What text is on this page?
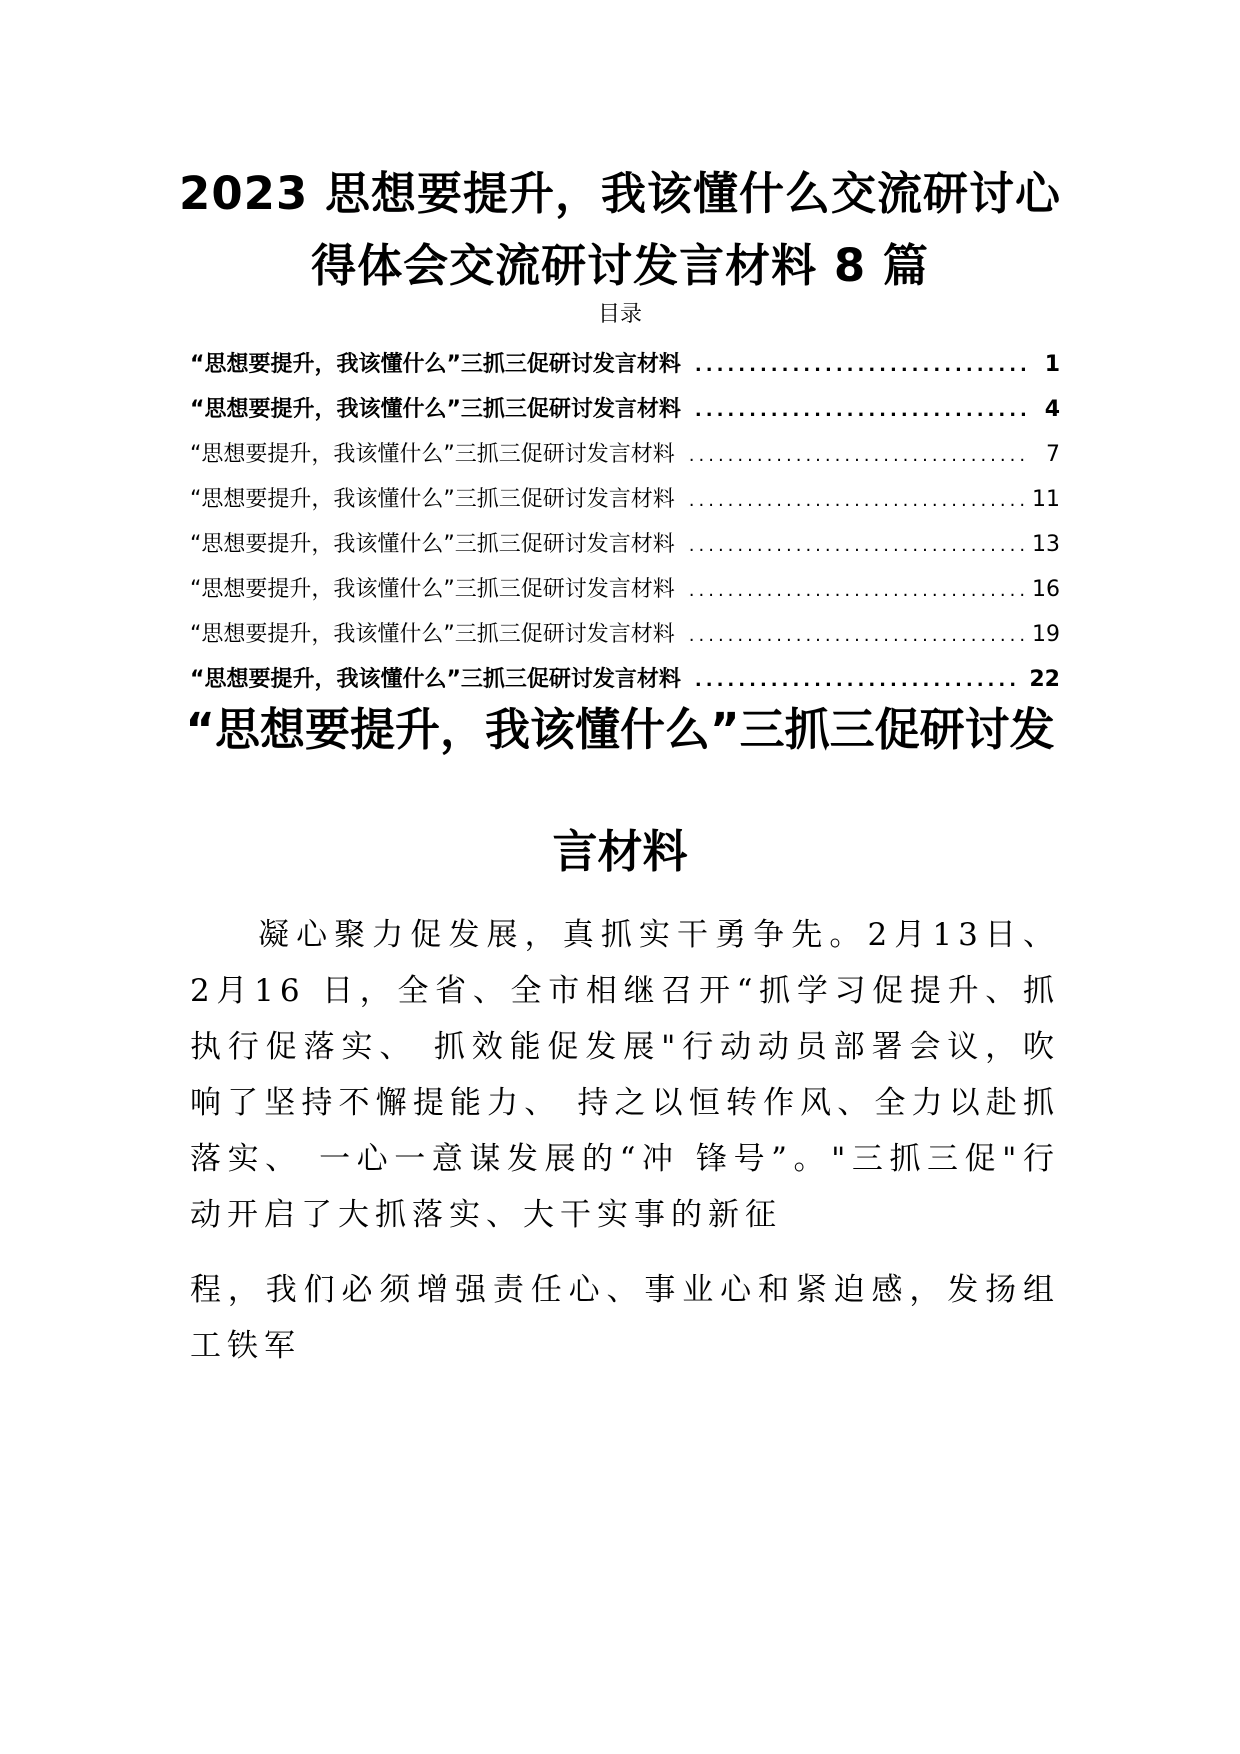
2023 思想要提升，我该懂什么交流研讨心
得体会交流研讨发言材料 8 篇
目录
“思想要提升，我该懂什么”三抓三促研讨发言材料 .....	1
“思想要提升，我该懂什么”三抓三促研讨发言材料 .....	4
“思想要提升，我该懂什么”三抓三促研讨发言材料 .....	7
“思想要提升，我该懂什么”三抓三促研讨发言材料 .....	11
“思想要提升，我该懂什么”三抓三促研讨发言材料 .....	13
“思想要提升，我该懂什么”三抓三促研讨发言材料 .....	16
“思想要提升，我该懂什么”三抓三促研讨发言材料 .....	19
“思想要提升，我该懂什么”三抓三促研讨发言材料 .....	22
“思想要提升，我该懂什么”三抓三促研讨发
言材料

凝心聚力促发展，真抓实干勇争先。2月13日、2月16 日，全省、全市相继召开“抓学习促提升、抓执行促落实、 抓效能促发展"行动动员部署会议，吹响了坚持不懈提能力、 持之以恒转作风、全力以赴抓落实、 一心一意谋发展的“冲 锋号”。"三抓三促"行动开启了大抓落实、大干实事的新征

程，我们必须增强责任心、事业心和紧迫感，发扬组工铁军
